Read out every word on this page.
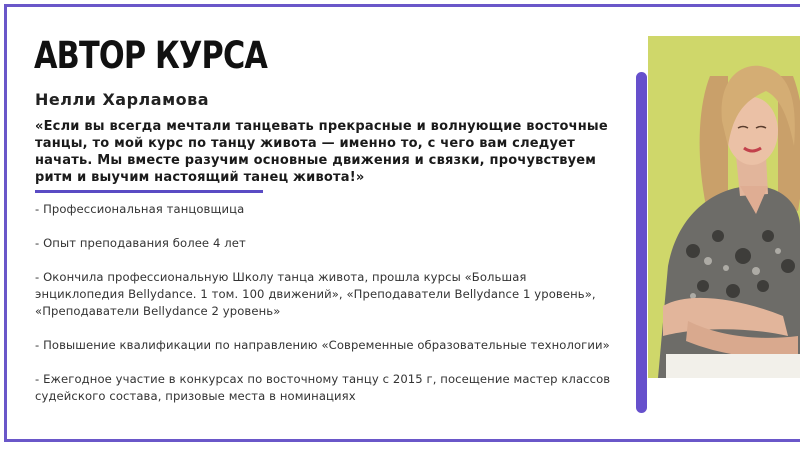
АВТОР КУРСА
Нелли Харламова

«Если вы всегда мечтали танцевать прекрасные и волнующие восточные танцы, то мой курс по танцу живота — именно то, с чего вам следует начать. Мы вместе разучим основные движения и связки, прочувствуем ритм и выучим настоящий танец живота!»

- Профессиональная танцовщица
- Опыт преподавания более 4 лет
- Окончила профессиональную Школу танца живота, прошла курсы «Большая энциклопедия Bellydance. 1 том. 100 движений», «Преподаватели Bellydance 1 уровень», «Преподаватели Bellydance 2 уровень»
- Повышение квалификации по направлению «Современные образовательные технологии»
- Ежегодное участие в конкурсах по восточному танцу с 2015 г, посещение мастер классов судейского состава, призовые места в номинациях
